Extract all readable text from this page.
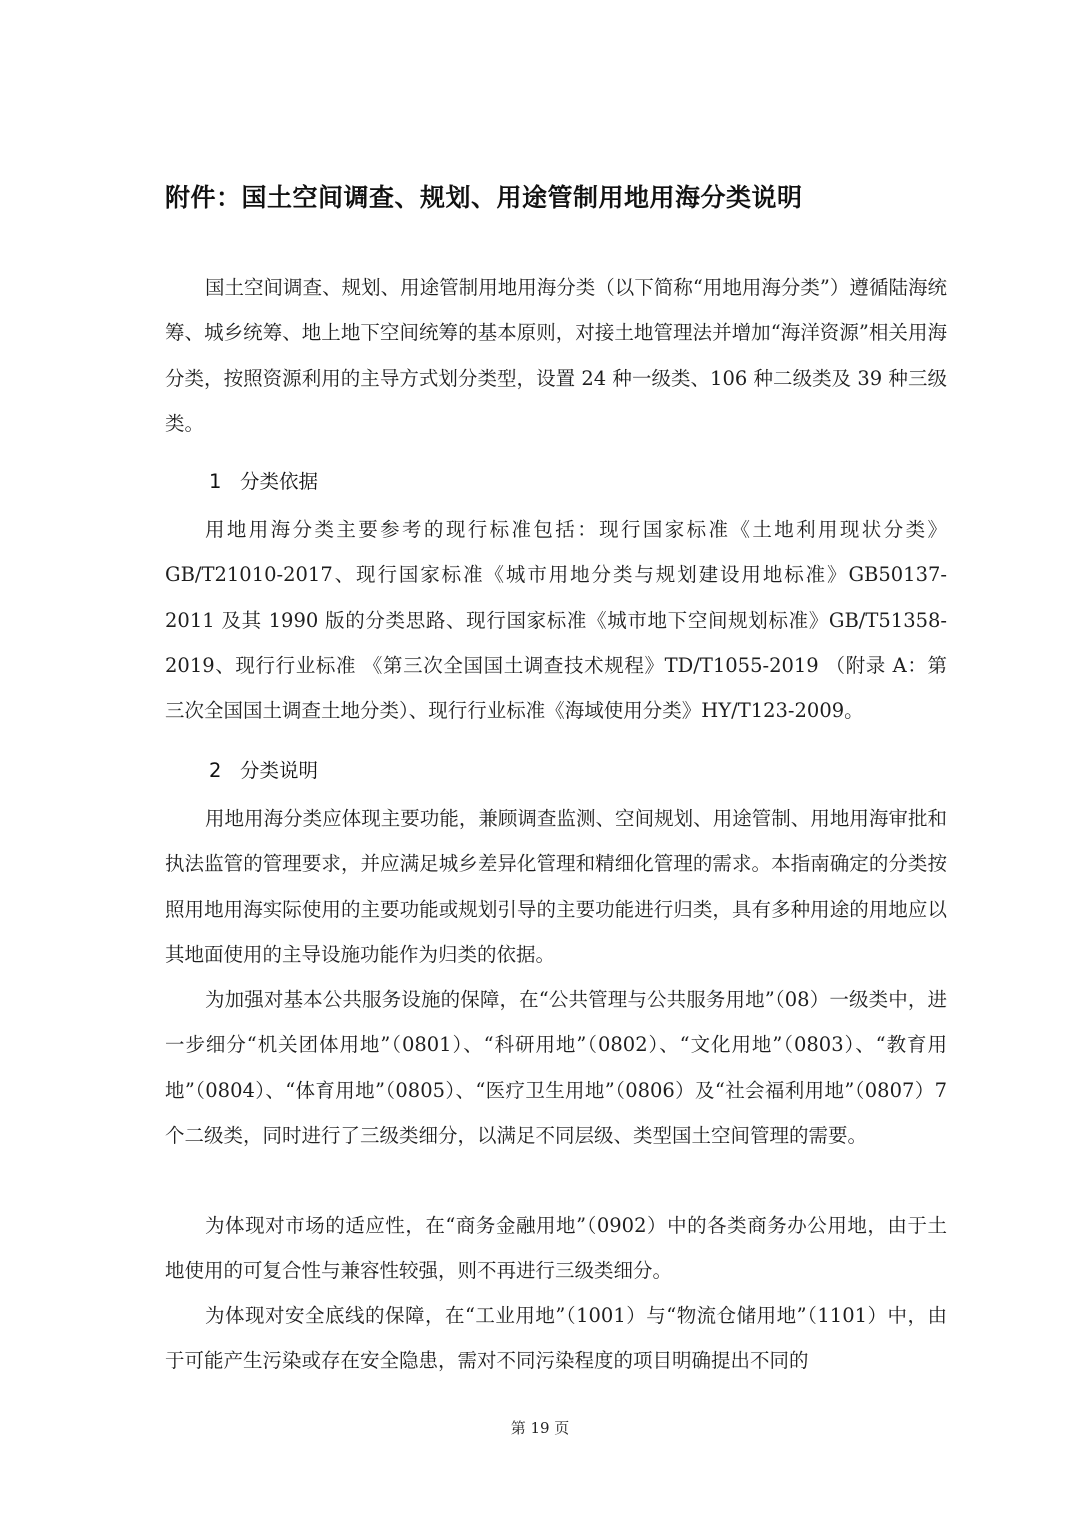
附件：国土空间调查、规划、用途管制用地用海分类说明

国土空间调查、规划、用途管制用地用海分类（以下简称“用地用海分类”）遵循陆海统筹、城乡统筹、地上地下空间统筹的基本原则，对接土地管理法并增加“海洋资源”相关用海分类，按照资源利用的主导方式划分类型，设置 24 种一级类、106 种二级类及 39 种三级类。

1 分类依据

用地用海分类主要参考的现行标准包括：现行国家标准《土地利用现状分类》GB/T21010-2017、现行国家标准《城市用地分类与规划建设用地标准》GB50137-2011 及其 1990 版的分类思路、现行国家标准《城市地下空间规划标准》GB/T51358-2019、现行行业标准 《第三次全国国土调查技术规程》TD/T1055-2019 （附录 A：第三次全国国土调查土地分类）、现行行业标准《海域使用分类》HY/T123-2009。

2 分类说明

用地用海分类应体现主要功能，兼顾调查监测、空间规划、用途管制、用地用海审批和执法监管的管理要求，并应满足城乡差异化管理和精细化管理的需求。本指南确定的分类按照用地用海实际使用的主要功能或规划引导的主要功能进行归类，具有多种用途的用地应以其地面使用的主导设施功能作为归类的依据。

为加强对基本公共服务设施的保障，在“公共管理与公共服务用地”（08）一级类中，进一步细分“机关团体用地”（0801）、“科研用地”（0802）、“文化用地”（0803）、“教育用地”（0804）、“体育用地”（0805）、“医疗卫生用地”（0806）及“社会福利用地”（0807）7 个二级类，同时进行了三级类细分，以满足不同层级、类型国土空间管理的需要。

为体现对市场的适应性，在“商务金融用地”（0902）中的各类商务办公用地，由于土地使用的可复合性与兼容性较强，则不再进行三级类细分。

为体现对安全底线的保障，在“工业用地”（1001）与“物流仓储用地”（1101）中，由于可能产生污染或存在安全隐患，需对不同污染程度的项目明确提出不同的

第 19 页
